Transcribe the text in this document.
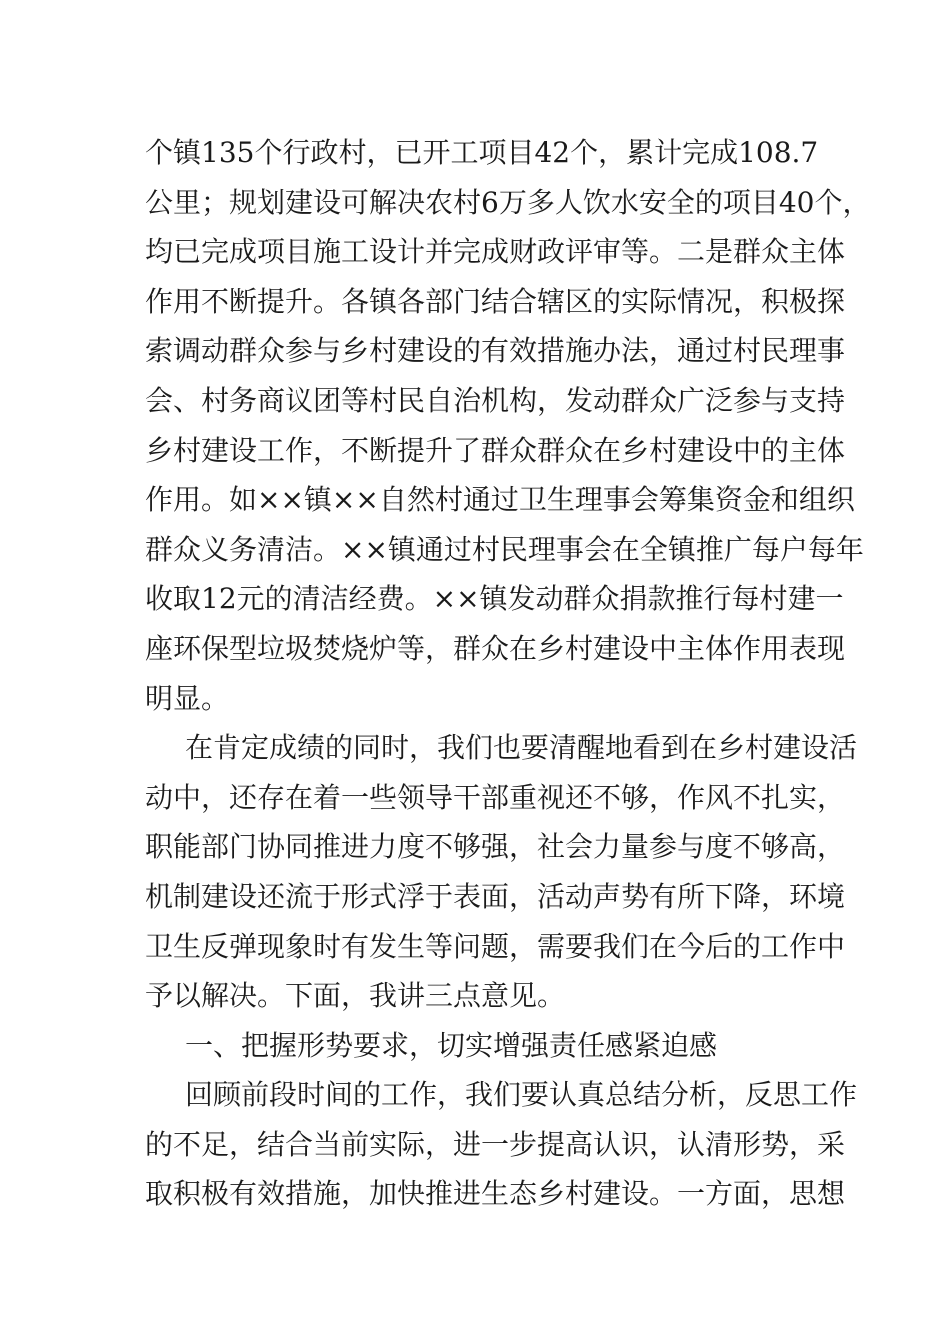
个镇135个行政村，已开工项目42个，累计完成108.7
公里；规划建设可解决农村6万多人饮水安全的项目40个，
均已完成项目施工设计并完成财政评审等。二是群众主体
作用不断提升。各镇各部门结合辖区的实际情况，积极探
索调动群众参与乡村建设的有效措施办法，通过村民理事
会、村务商议团等村民自治机构，发动群众广泛参与支持
乡村建设工作，不断提升了群众群众在乡村建设中的主体
作用。如××镇××自然村通过卫生理事会筹集资金和组织
群众义务清洁。××镇通过村民理事会在全镇推广每户每年
收取12元的清洁经费。××镇发动群众捐款推行每村建一
座环保型垃圾焚烧炉等，群众在乡村建设中主体作用表现
明显。
在肯定成绩的同时，我们也要清醒地看到在乡村建设活
动中，还存在着一些领导干部重视还不够，作风不扎实，
职能部门协同推进力度不够强，社会力量参与度不够高，
机制建设还流于形式浮于表面，活动声势有所下降，环境
卫生反弹现象时有发生等问题，需要我们在今后的工作中
予以解决。下面，我讲三点意见。
一、把握形势要求，切实增强责任感紧迫感
回顾前段时间的工作，我们要认真总结分析，反思工作
的不足，结合当前实际，进一步提高认识，认清形势，采
取积极有效措施，加快推进生态乡村建设。一方面，思想
